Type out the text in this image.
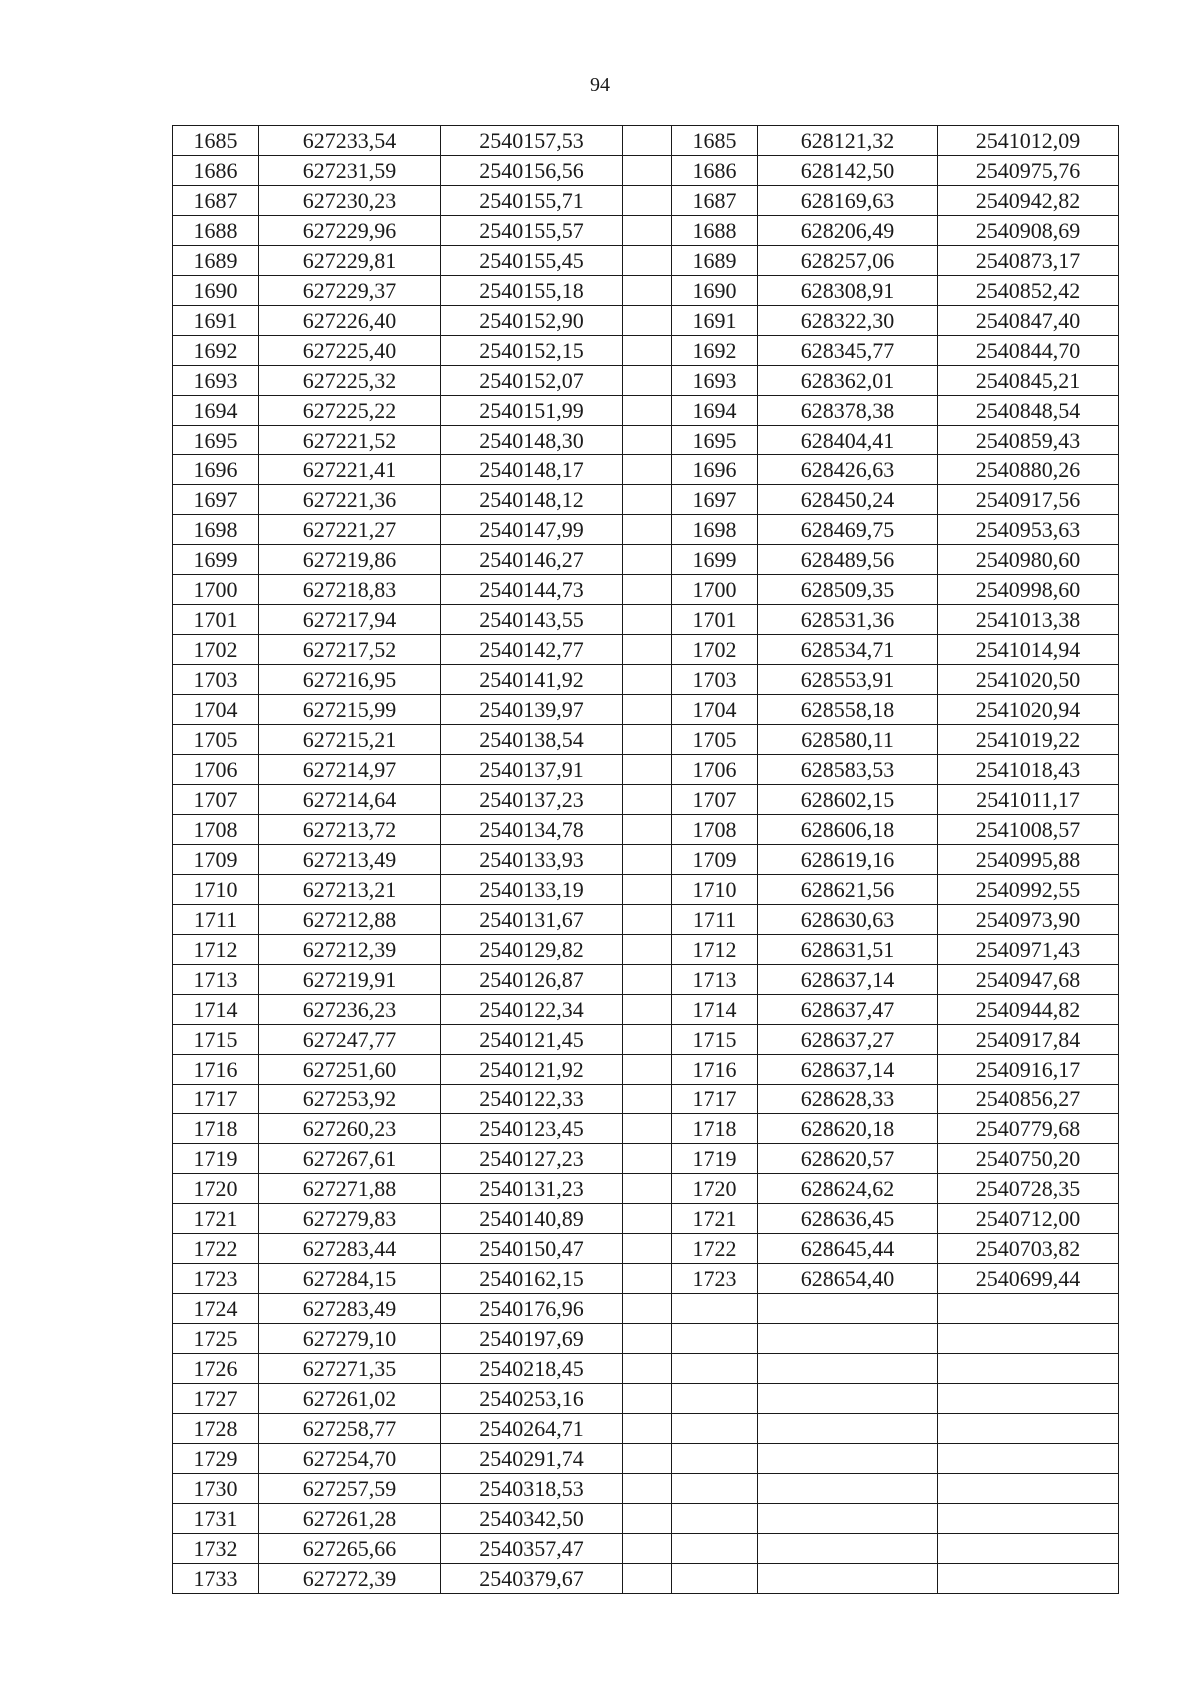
94
1685	627233,54	2540157,53		1685	628121,32	2541012,09
1686	627231,59	2540156,56		1686	628142,50	2540975,76
1687	627230,23	2540155,71		1687	628169,63	2540942,82
1688	627229,96	2540155,57		1688	628206,49	2540908,69
1689	627229,81	2540155,45		1689	628257,06	2540873,17
1690	627229,37	2540155,18		1690	628308,91	2540852,42
1691	627226,40	2540152,90		1691	628322,30	2540847,40
1692	627225,40	2540152,15		1692	628345,77	2540844,70
1693	627225,32	2540152,07		1693	628362,01	2540845,21
1694	627225,22	2540151,99		1694	628378,38	2540848,54
1695	627221,52	2540148,30		1695	628404,41	2540859,43
1696	627221,41	2540148,17		1696	628426,63	2540880,26
1697	627221,36	2540148,12		1697	628450,24	2540917,56
1698	627221,27	2540147,99		1698	628469,75	2540953,63
1699	627219,86	2540146,27		1699	628489,56	2540980,60
1700	627218,83	2540144,73		1700	628509,35	2540998,60
1701	627217,94	2540143,55		1701	628531,36	2541013,38
1702	627217,52	2540142,77		1702	628534,71	2541014,94
1703	627216,95	2540141,92		1703	628553,91	2541020,50
1704	627215,99	2540139,97		1704	628558,18	2541020,94
1705	627215,21	2540138,54		1705	628580,11	2541019,22
1706	627214,97	2540137,91		1706	628583,53	2541018,43
1707	627214,64	2540137,23		1707	628602,15	2541011,17
1708	627213,72	2540134,78		1708	628606,18	2541008,57
1709	627213,49	2540133,93		1709	628619,16	2540995,88
1710	627213,21	2540133,19		1710	628621,56	2540992,55
1711	627212,88	2540131,67		1711	628630,63	2540973,90
1712	627212,39	2540129,82		1712	628631,51	2540971,43
1713	627219,91	2540126,87		1713	628637,14	2540947,68
1714	627236,23	2540122,34		1714	628637,47	2540944,82
1715	627247,77	2540121,45		1715	628637,27	2540917,84
1716	627251,60	2540121,92		1716	628637,14	2540916,17
1717	627253,92	2540122,33		1717	628628,33	2540856,27
1718	627260,23	2540123,45		1718	628620,18	2540779,68
1719	627267,61	2540127,23		1719	628620,57	2540750,20
1720	627271,88	2540131,23		1720	628624,62	2540728,35
1721	627279,83	2540140,89		1721	628636,45	2540712,00
1722	627283,44	2540150,47		1722	628645,44	2540703,82
1723	627284,15	2540162,15		1723	628654,40	2540699,44
1724	627283,49	2540176,96				
1725	627279,10	2540197,69				
1726	627271,35	2540218,45				
1727	627261,02	2540253,16				
1728	627258,77	2540264,71				
1729	627254,70	2540291,74				
1730	627257,59	2540318,53				
1731	627261,28	2540342,50				
1732	627265,66	2540357,47				
1733	627272,39	2540379,67				
